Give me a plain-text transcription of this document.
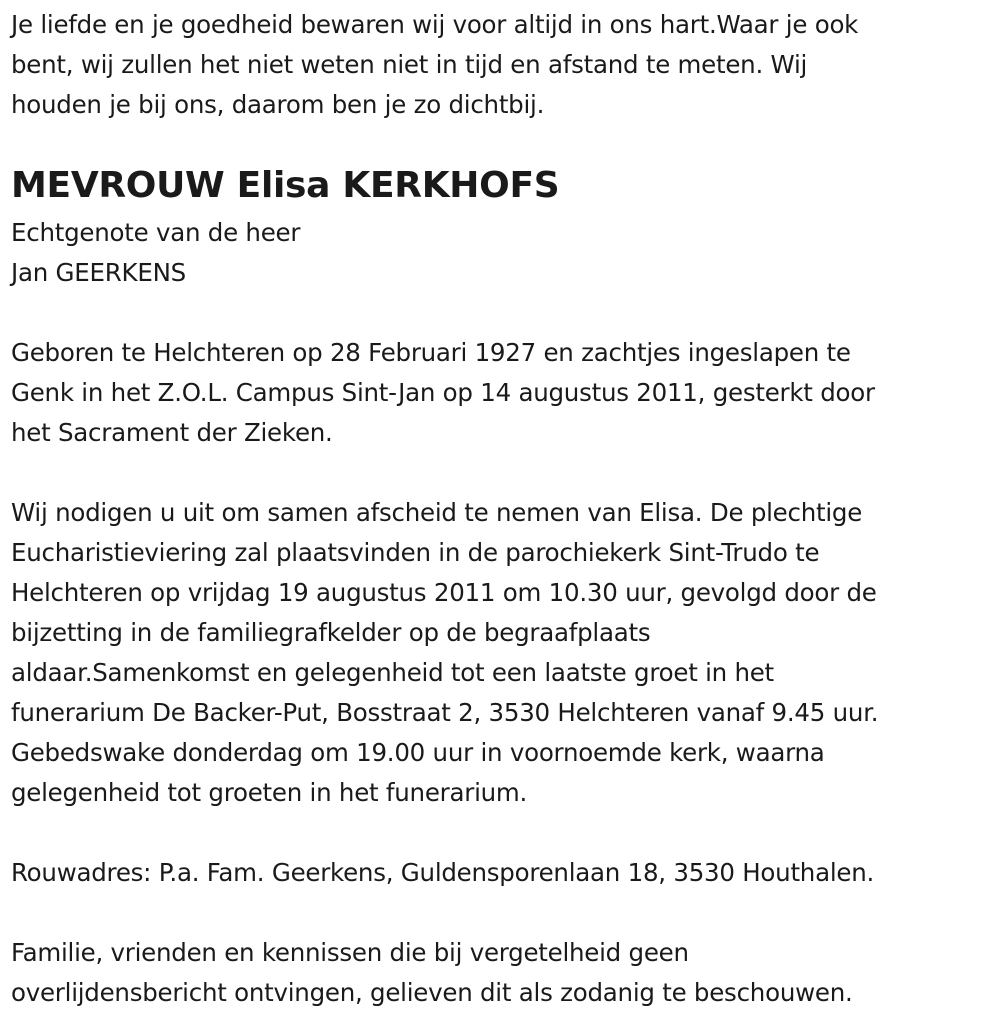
Je liefde en je goedheid bewaren wij voor altijd in ons hart.Waar je ook
bent, wij zullen het niet weten niet in tijd en afstand te meten. Wij
houden je bij ons, daarom ben je zo dichtbij.

MEVROUW Elisa KERKHOFS

Echtgenote van de heer
Jan GEERKENS

Geboren te Helchteren op 28 Februari 1927 en zachtjes ingeslapen te
Genk in het Z.O.L. Campus Sint-Jan op 14 augustus 2011, gesterkt door
het Sacrament der Zieken.

Wij nodigen u uit om samen afscheid te nemen van Elisa. De plechtige
Eucharistieviering zal plaatsvinden in de parochiekerk Sint-Trudo te
Helchteren op vrijdag 19 augustus 2011 om 10.30 uur, gevolgd door de
bijzetting in de familiegrafkelder op de begraafplaats
aldaar.Samenkomst en gelegenheid tot een laatste groet in het
funerarium De Backer-Put, Bosstraat 2, 3530 Helchteren vanaf 9.45 uur.
Gebedswake donderdag om 19.00 uur in voornoemde kerk, waarna
gelegenheid tot groeten in het funerarium.

Rouwadres: P.a. Fam. Geerkens, Guldensporenlaan 18, 3530 Houthalen.

Familie, vrienden en kennissen die bij vergetelheid geen
overlijdensbericht ontvingen, gelieven dit als zodanig te beschouwen.
